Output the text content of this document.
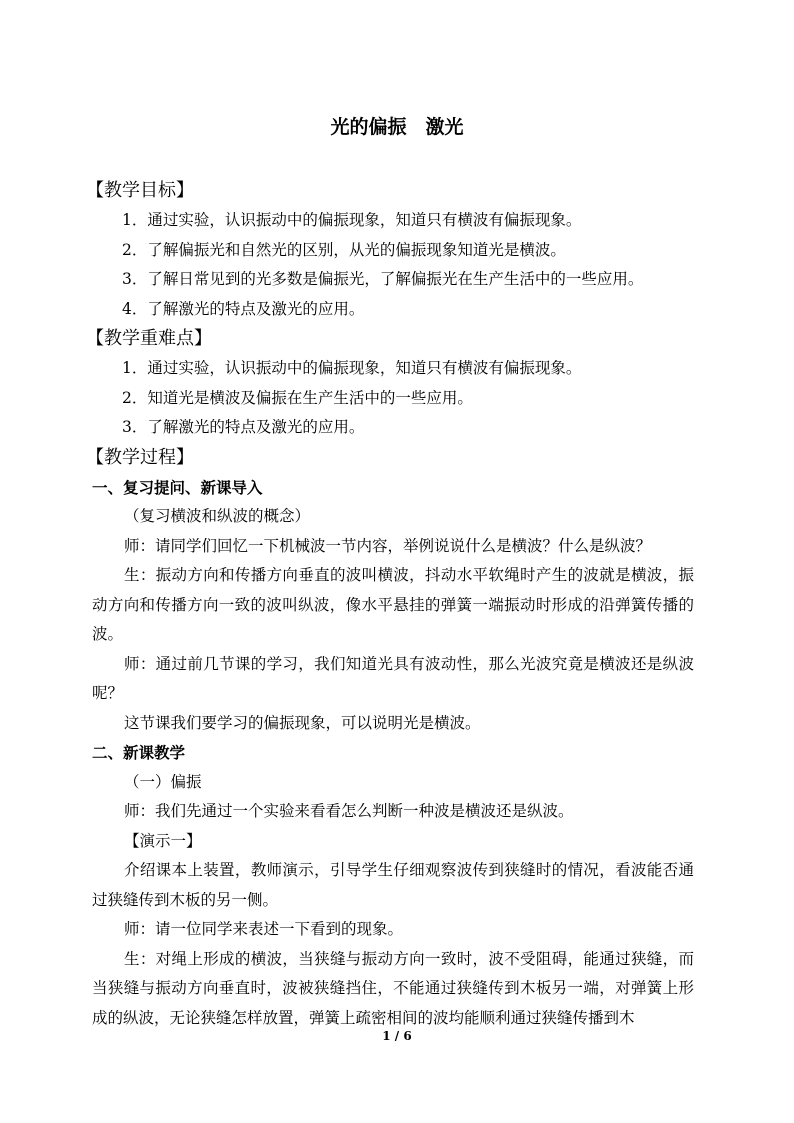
光的偏振　激光
【教学目标】
1．通过实验，认识振动中的偏振现象，知道只有横波有偏振现象。
2．了解偏振光和自然光的区别，从光的偏振现象知道光是横波。
3．了解日常见到的光多数是偏振光，了解偏振光在生产生活中的一些应用。
4．了解激光的特点及激光的应用。
【教学重难点】
1．通过实验，认识振动中的偏振现象，知道只有横波有偏振现象。
2．知道光是横波及偏振在生产生活中的一些应用。
3．了解激光的特点及激光的应用。
【教学过程】
一、复习提问、新课导入
（复习横波和纵波的概念）
师：请同学们回忆一下机械波一节内容，举例说说什么是横波？什么是纵波？
生：振动方向和传播方向垂直的波叫横波，抖动水平软绳时产生的波就是横波，振动方向和传播方向一致的波叫纵波，像水平悬挂的弹簧一端振动时形成的沿弹簧传播的波。
师：通过前几节课的学习，我们知道光具有波动性，那么光波究竟是横波还是纵波呢？
这节课我们要学习的偏振现象，可以说明光是横波。
二、新课教学
（一）偏振
师：我们先通过一个实验来看看怎么判断一种波是横波还是纵波。
【演示一】
介绍课本上装置，教师演示，引导学生仔细观察波传到狭缝时的情况，看波能否通过狭缝传到木板的另一侧。
师：请一位同学来表述一下看到的现象。
生：对绳上形成的横波，当狭缝与振动方向一致时，波不受阻碍，能通过狭缝，而当狭缝与振动方向垂直时，波被狭缝挡住，不能通过狭缝传到木板另一端，对弹簧上形成的纵波，无论狭缝怎样放置，弹簧上疏密相间的波均能顺利通过狭缝传播到木
1 / 6
